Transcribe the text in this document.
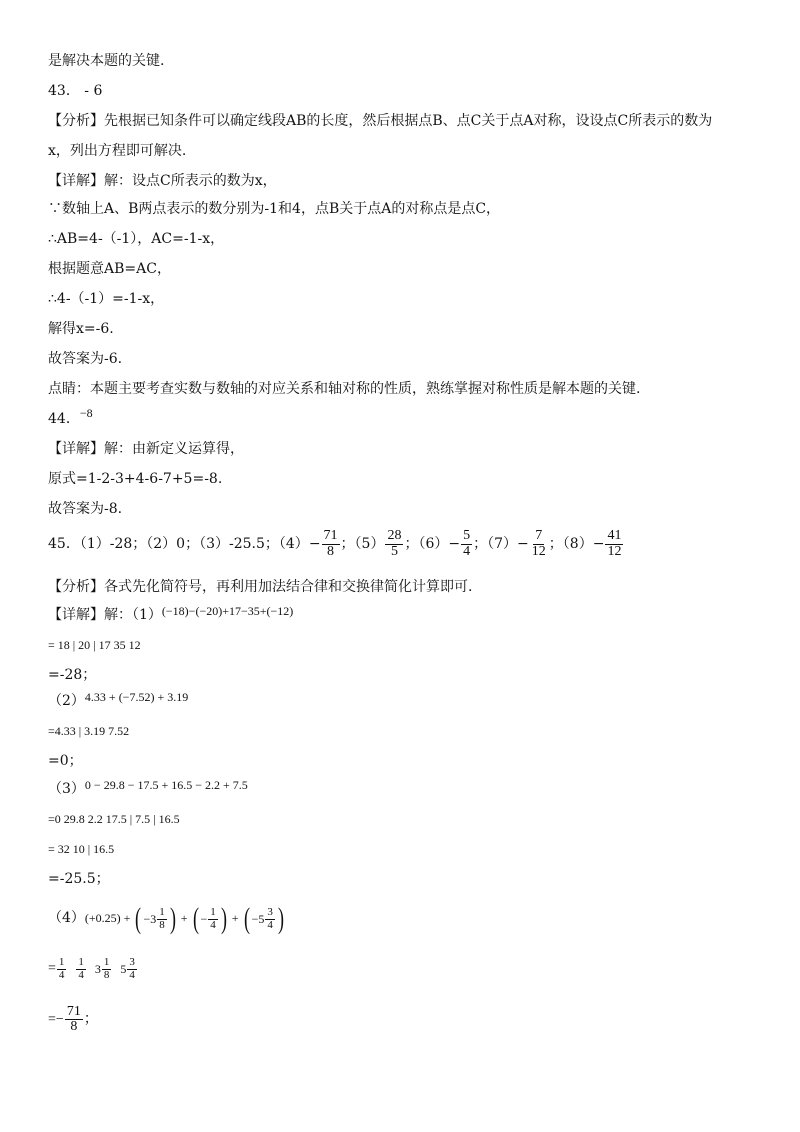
是解决本题的关键.
43． - 6
【分析】先根据已知条件可以确定线段AB的长度，然后根据点B、点C关于点A对称，设设点C所表示的数为
x，列出方程即可解决.
【详解】解：设点C所表示的数为x，
∵数轴上A、B两点表示的数分别为-1和4，点B关于点A的对称点是点C，
∴AB=4-（-1），AC=-1-x，
根据题意AB=AC，
∴4-（-1）=-1-x，
解得x=-6.
故答案为-6.
点睛：本题主要考查实数与数轴的对应关系和轴对称的性质，熟练掌握对称性质是解本题的关键.
44．−8
【详解】解：由新定义运算得，
原式=1-2-3+4-6-7+5=-8.
故答案为-8.
45．（1）-28；（2）0；（3）-25.5；$(4)- \frac{71}{8}$ ；$(5) \frac{28}{5}$ ；$(6)- \frac{5}{4}$ ；$(7)- \frac{7}{12}$ ；$(8)- \frac{41}{12}$
【分析】各式先化简符号，再利用加法结合律和交换律简化计算即可.
【详解】解：（1）(−18)−(−20)+17−35+(−12)
= 18 | 20 | 17 35 12
=-28；
（2）4.33 + (−7.52) + 3.19
=4.33 | 3.19 7.52
=0；
（3）0 − 29.8 − 17.5 + 16.5 − 2.2 + 7.5
=0 29.8 2.2 17.5 | 7.5 | 16.5
= 32 10 | 16.5
=-25.5；
（4）(+0.25) + ( $-3 \frac{1}{8}$ ) + ( − $\frac{1}{4}$ ) + ( $-5 \frac{3}{4}$ )
= $\frac{1}{4} \frac{1}{4} 3 \frac{1}{8} 5 \frac{3}{4}$
=− $\frac{71}{8}$ ；
